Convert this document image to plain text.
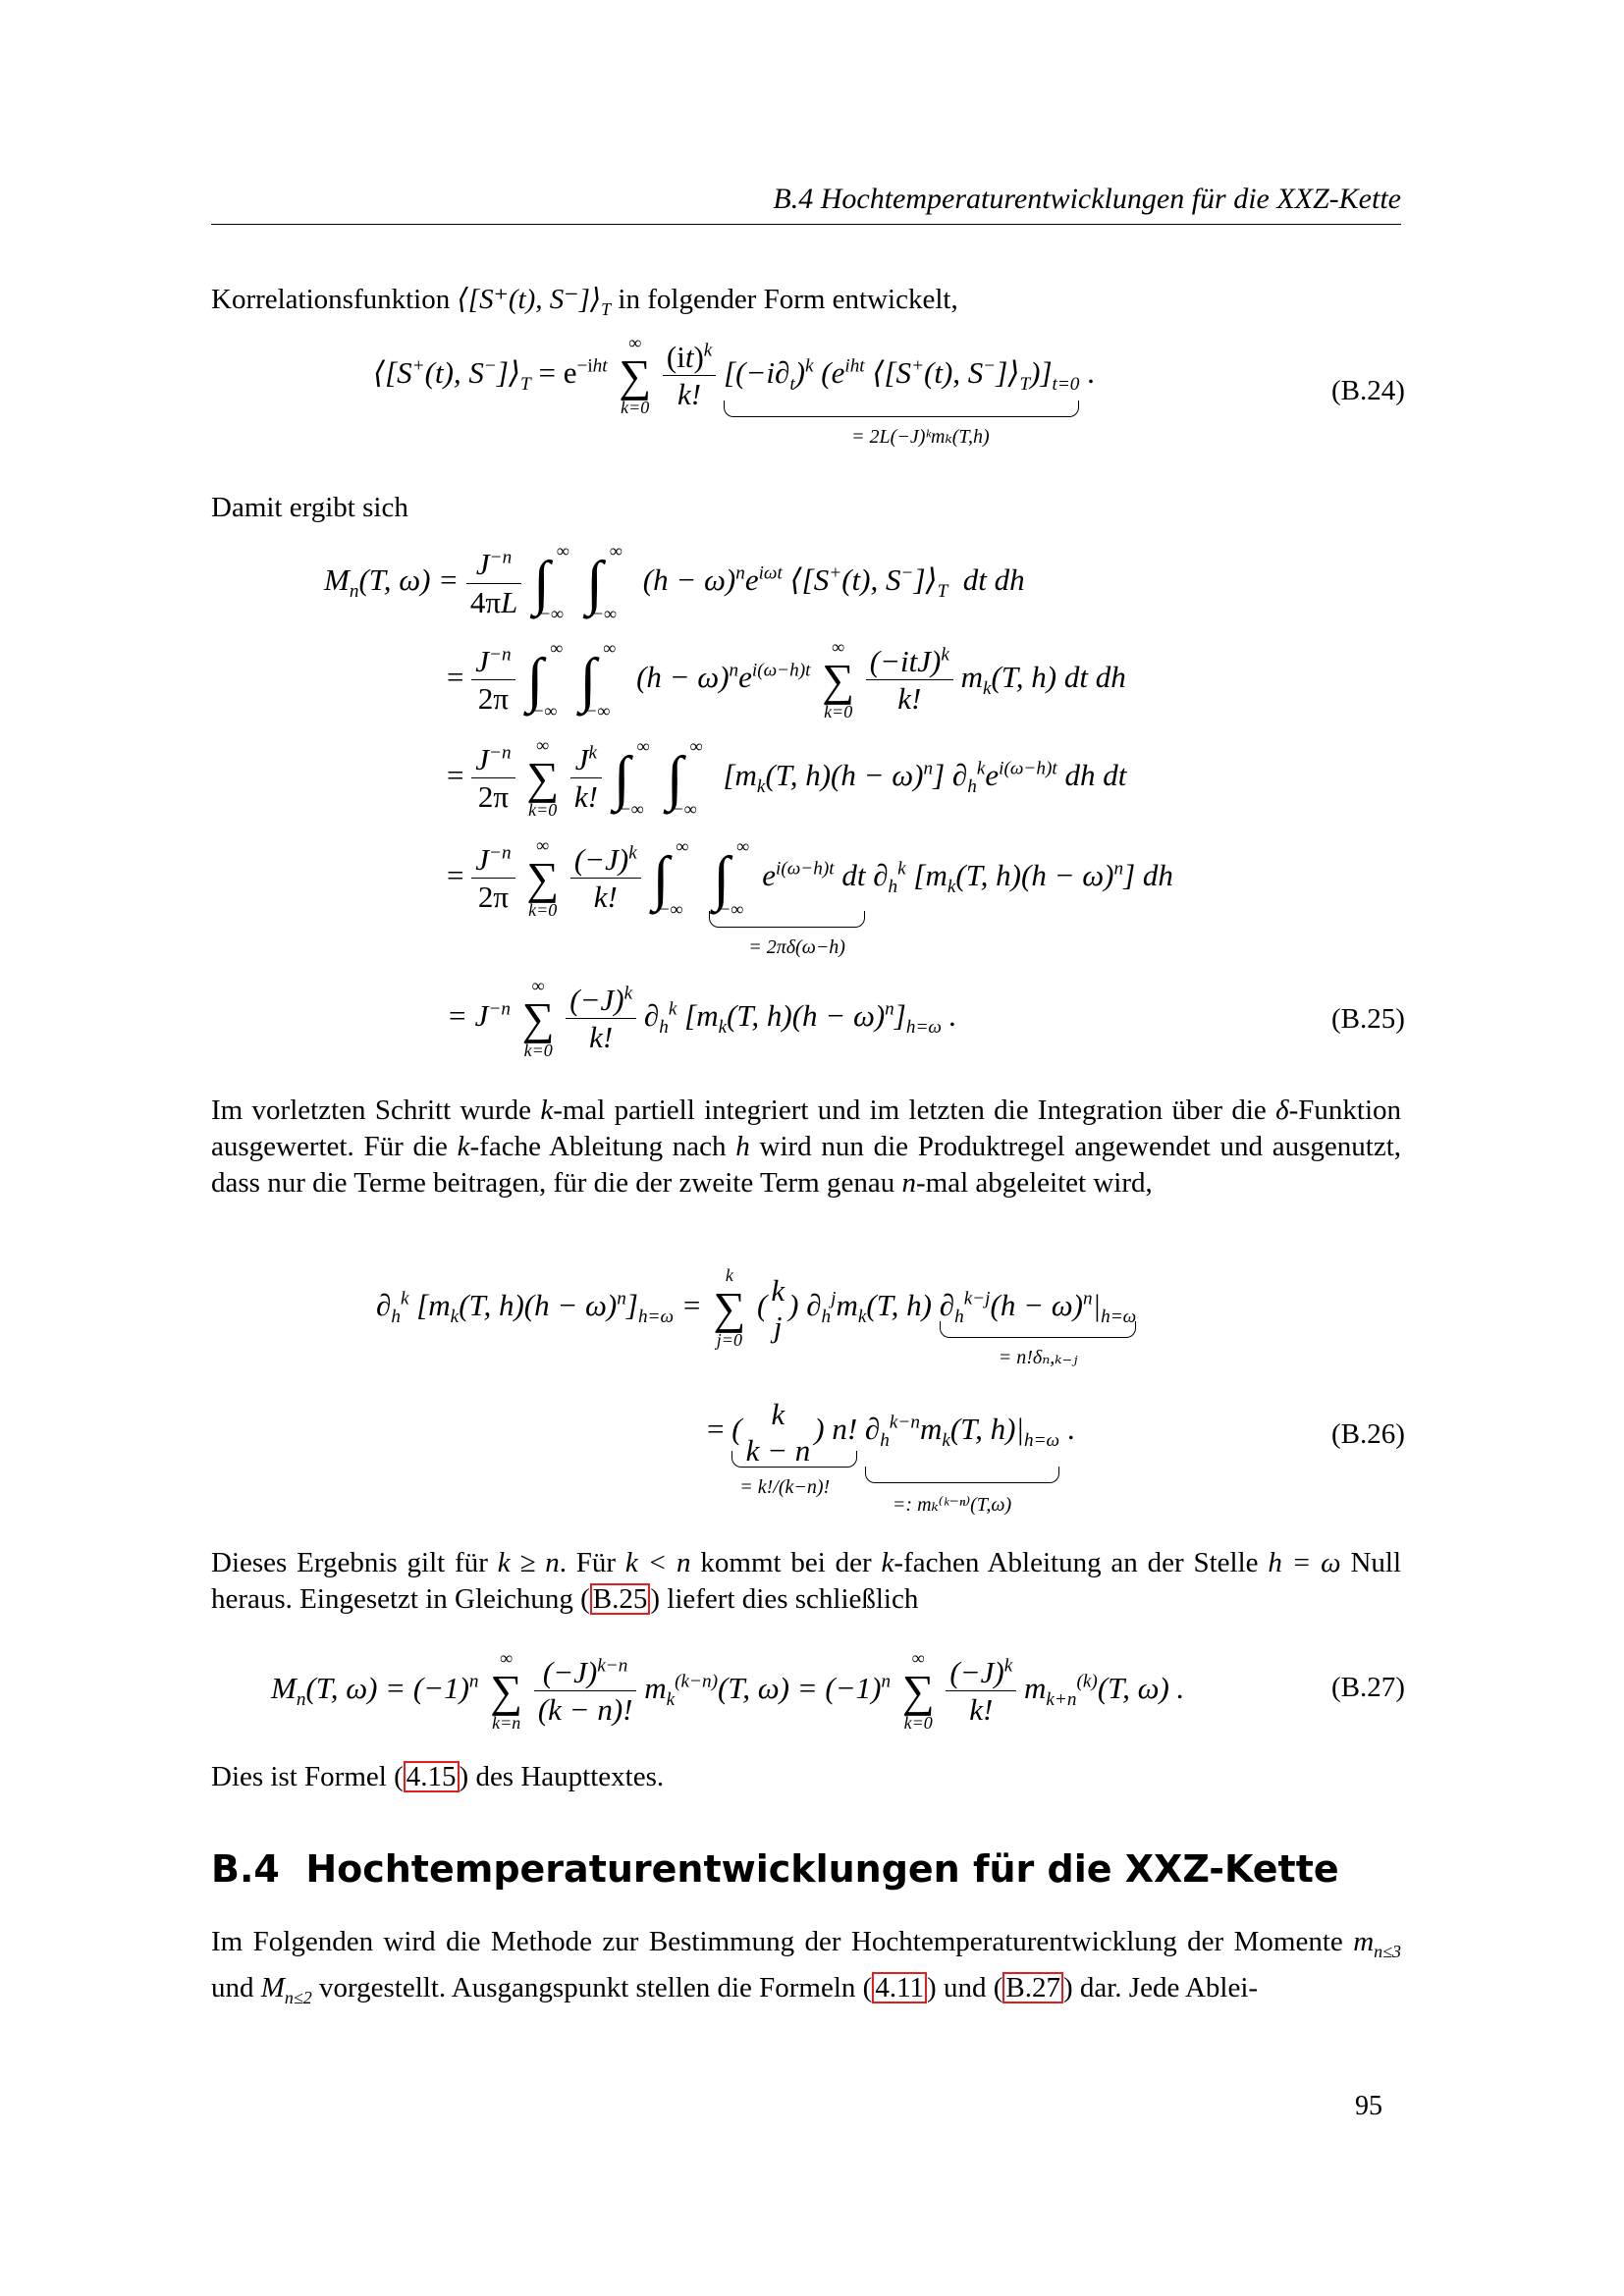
B.4 Hochtemperaturentwicklungen für die XXZ-Kette
Korrelationsfunktion ⟨[S⁺(t), $S^-]⟩_T$ in folgender Form entwickelt,
⟨[S+(t), $S^-]⟩_T = e^{-iht}$
∞
∑
k=0
$\frac{(it)^k}{k!} [(-i\partial_t)^k$ ($e^{iht}$ ⟨[S+(t), $S^-]⟩_T)]_{t=0}$
= 2L(−J)ᵏmₖ(T,h)
.
(B.24)
Damit ergibt sich
$M_n(T$, $\omega) = \frac{J^{-n}}{4\pi L}$
∫ ∞
−∞ ∫ ∞
−∞
$(h - \omega)^ne^{i\omega t}$ ⟨[S+(t), $S^-]⟩_T$  dt dh
= $\frac{J^{-n}}{2\pi}$
∫ ∞
−∞ ∫ ∞
−∞
$(h - \omega)^ne^{i(\omega-h)t}$
∞
∑
k=0
$\frac{(-itJ)^k}{k!} m_k(T$, h) dt dh
= $\frac{J^{-n}}{2\pi}$
	∞
∑
k=0
$\frac{J^k}{k!}$
∫ ∞
−∞ ∫ ∞
−∞
[$m_k(T$, $h)(h - \omega)^n$] $\partial_h^ke^{i(\omega-h)t}$ dh dt
= $\frac{J^{-n}}{2\pi}$
	∞
∑
k=0
$\frac{(-J)^k}{k!}$
∫ ∞
−∞
∫ ∞
−∞
$e^{i(\omega-h)t}$ dt
= 2πδ(ω−h)
$\partial_h^k$ [$m_k(T$, $h)(h - \omega)^n$] dh
= $J^{-n}$
∞
∑
k=0
$\frac{(-J)^k}{k!} \partial_h^k$ [$m_k(T$, $h)(h - \omega)^n]_{h=\omega}$ .	(B.25)
Im vorletzten Schritt wurde k-mal partiell integriert und im letzten die Integration über die δ-Funktion ausgewertet. Für die k-fache Ableitung nach h wird nun die Produktregel angewendet und ausgenutzt, dass nur die Terme beitragen, für die der zweite Term genau n-mal abgeleitet wird,
$\partial_h^k$ [$m_k(T$, $h)(h - \omega)^n]_{h=\omega}$ =
k
∑
j=0
( k
j
) $\partial_h^jm_k(T$, h) $\partial_h^{k-j}(h - \omega)^n|_{h=\omega}$
= n!δₙ,ₖ₋ⱼ
= ( k
k − n
) n!
= k!/(k−n)!
$\partial_h^{k-n}m_k(T$, $h)|_{h=\omega}$
=: mₖ⁽ᵏ⁻ⁿ⁾(T,ω)
.	(B.26)
Dieses Ergebnis gilt für k ≥ n. Für k < n kommt bei der k-fachen Ableitung an der Stelle h = ω Null heraus. Eingesetzt in Gleichung ( B.25 ) liefert dies schließlich
$M_n(T$, $\omega) = (-1)^n$
∞
∑
k=n
$\frac{(-J)^{k-n}}{(k - n)!} m_k^{(k-n)}(T$, $\omega) = (-1)^n$
∞
∑
k=0
$\frac{(-J)^k}{k!} m_{k+n}^{(k)}(T$, ω) .	(B.27)
Dies ist Formel ( 4.15 ) des Haupttextes.
B.4 Hochtemperaturentwicklungen für die XXZ-Kette
Im Folgenden wird die Methode zur Bestimmung der Hochtemperaturentwicklung der Momente $m_{n\le 3}$ und $M_{n\le 2}$ vorgestellt. Ausgangspunkt stellen die Formeln ( 4.11 ) und ( B.27 ) dar. Jede Ablei-
95
